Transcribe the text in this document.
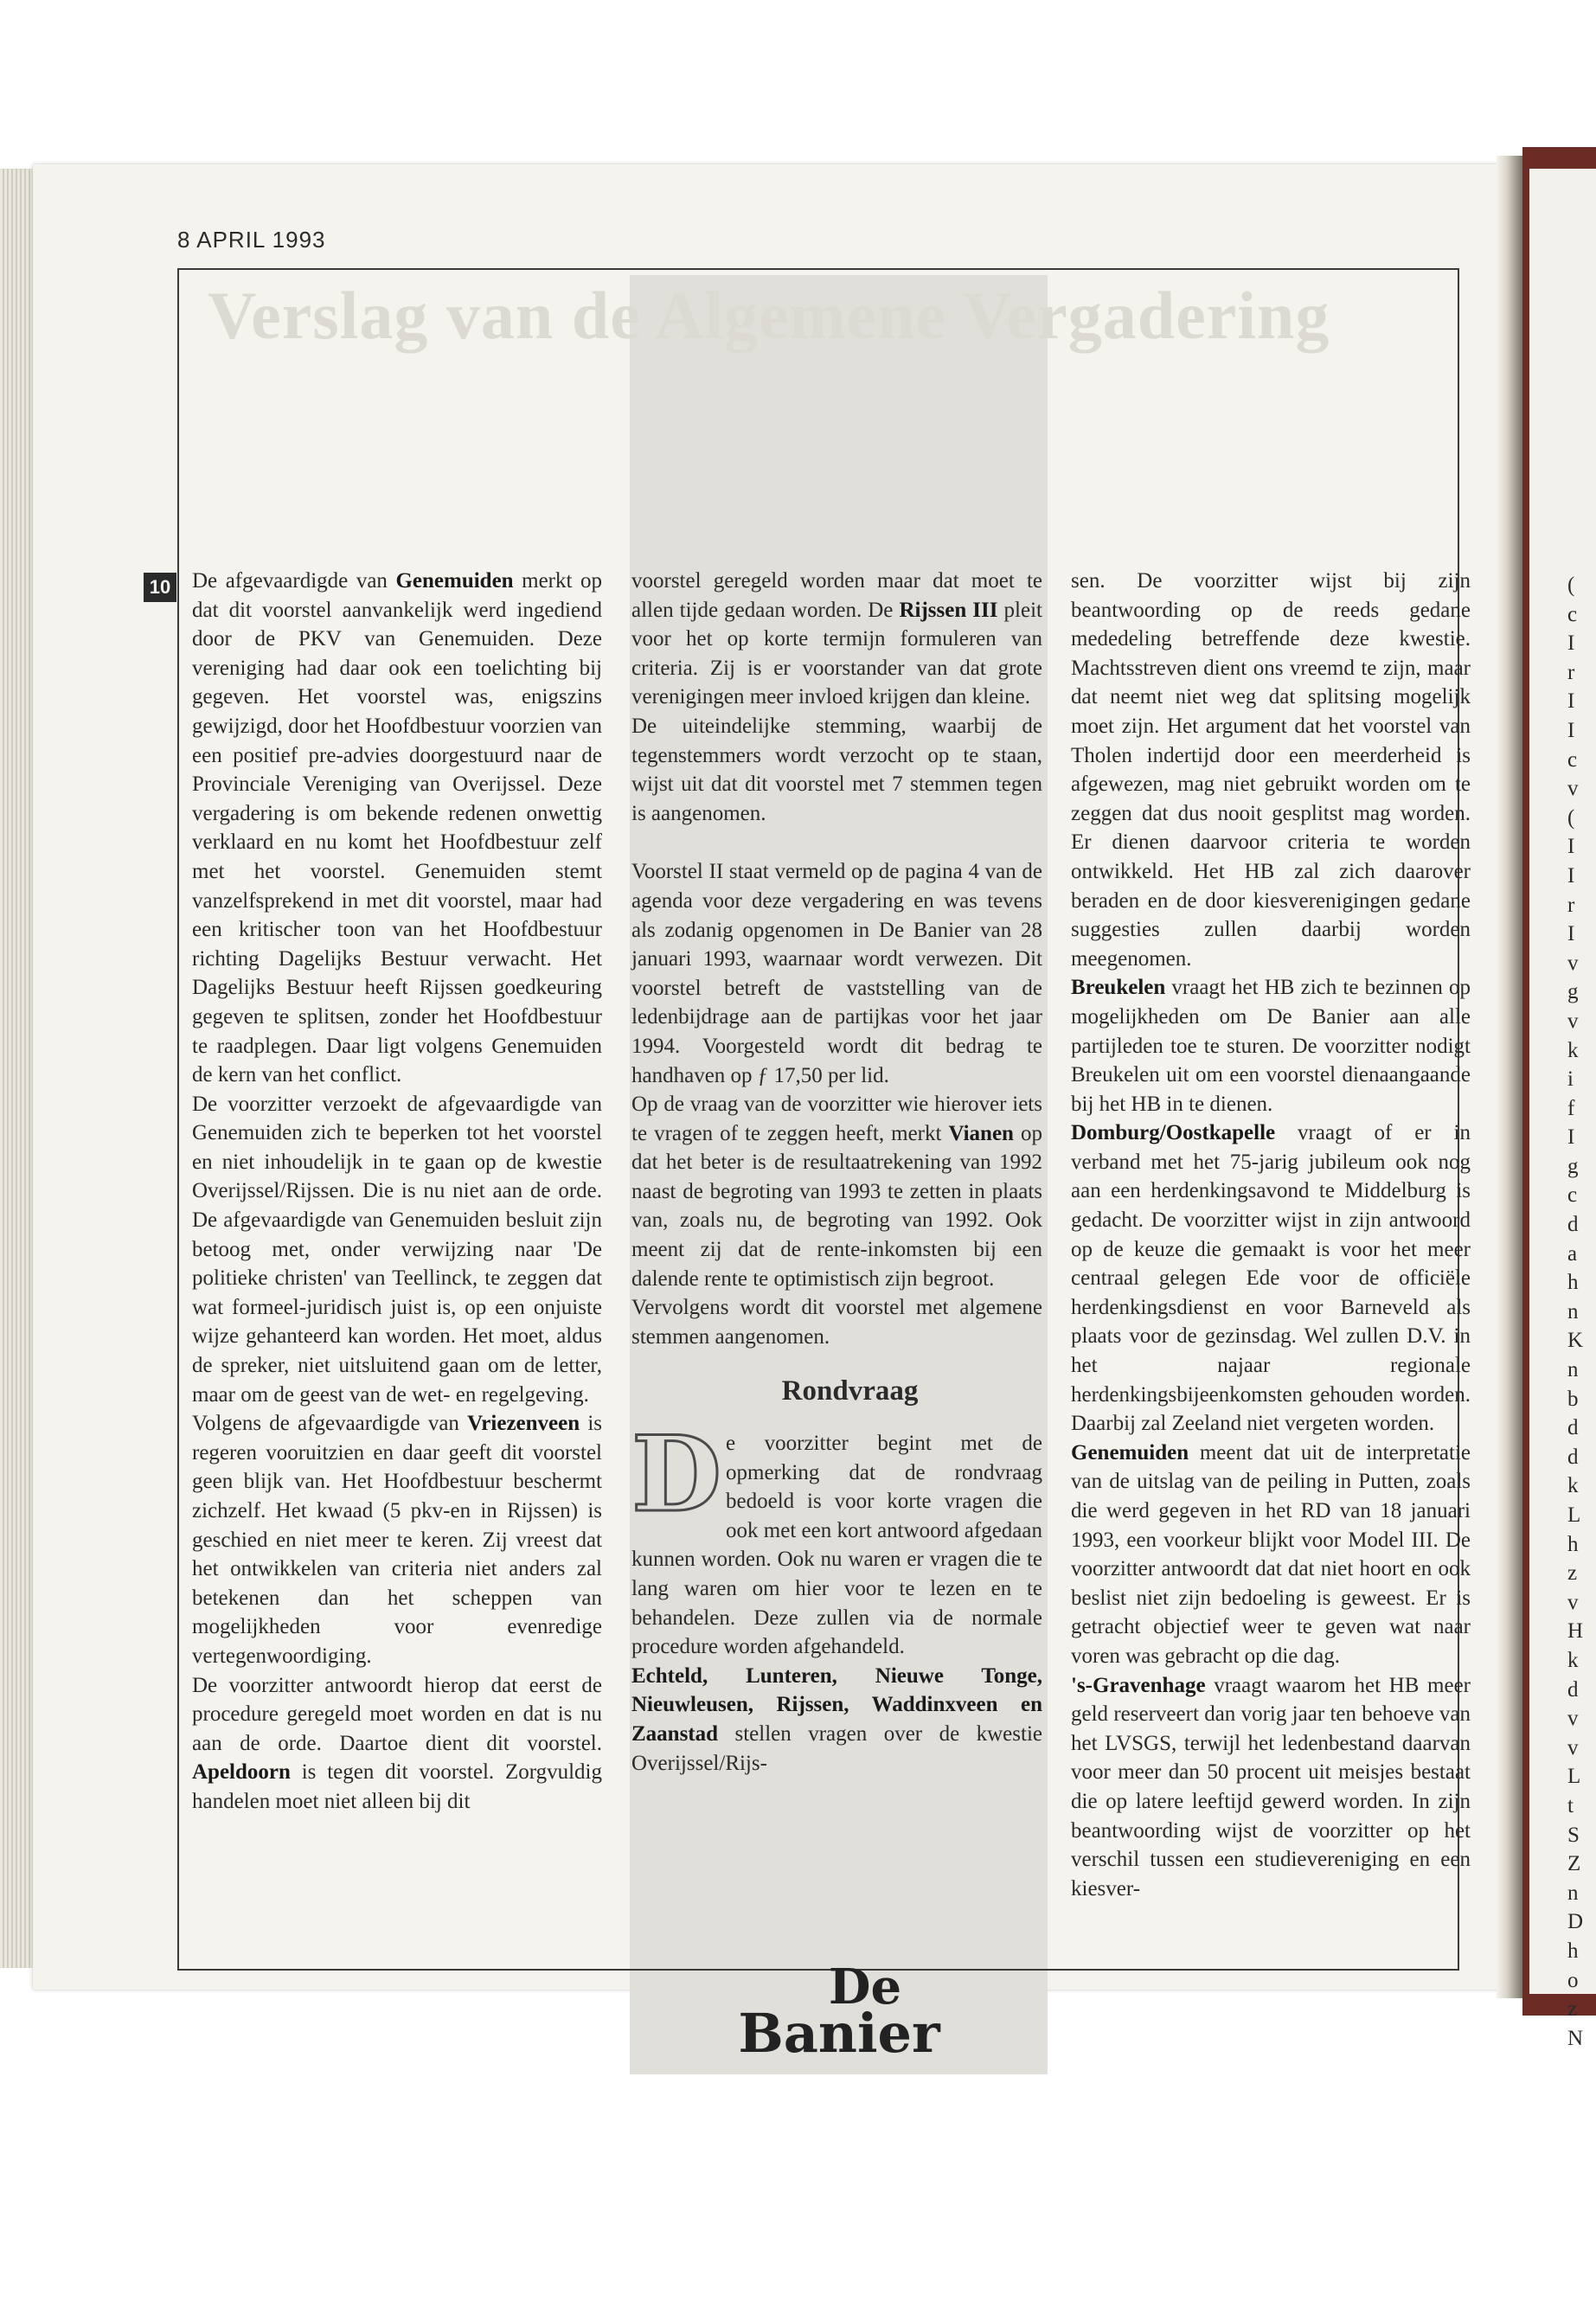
(
c
I
r
I
I
c
v
(
I
I
r
I
v
g
v
k
i
f
I
g
c
d
a
h
n
K
n
b
d
d
k
L
h
z
v
H
k
d
v
v
L
t
S
Z
n
D
h
o
z
N
Verslag van de Algemene Vergadering
8 APRIL 1993
10 De afgevaardigde van Genemuiden merkt op dat dit voorstel aanvankelijk werd ingediend door de PKV van Genemuiden. Deze vereniging had daar ook een toelichting bij gegeven. Het voorstel was, enigszins gewijzigd, door het Hoofdbestuur voorzien van een positief pre-advies doorgestuurd naar de Provinciale Vereniging van Overijssel. Deze vergadering is om bekende redenen onwettig verklaard en nu komt het Hoofdbestuur zelf met het voorstel. Genemuiden stemt vanzelfsprekend in met dit voorstel, maar had een kritischer toon van het Hoofdbestuur richting Dagelijks Bestuur verwacht. Het Dagelijks Bestuur heeft Rijssen goedkeuring gegeven te splitsen, zonder het Hoofdbestuur te raadplegen. Daar ligt volgens Genemuiden de kern van het conflict.

De voorzitter verzoekt de afgevaardigde van Genemuiden zich te beperken tot het voorstel en niet inhoudelijk in te gaan op de kwestie Overijssel/Rijssen. Die is nu niet aan de orde. De afgevaardigde van Genemuiden besluit zijn betoog met, onder verwijzing naar 'De politieke christen' van Teellinck, te zeggen dat wat formeel-juridisch juist is, op een onjuiste wijze gehanteerd kan worden. Het moet, aldus de spreker, niet uitsluitend gaan om de letter, maar om de geest van de wet- en regelgeving.

Volgens de afgevaardigde van Vriezenveen is regeren vooruitzien en daar geeft dit voorstel geen blijk van. Het Hoofdbestuur beschermt zichzelf. Het kwaad (5 pkv-en in Rijssen) is geschied en niet meer te keren. Zij vreest dat het ontwikkelen van criteria niet anders zal betekenen dan het scheppen van mogelijkheden voor evenredige vertegenwoordiging.

De voorzitter antwoordt hierop dat eerst de procedure geregeld moet worden en dat is nu aan de orde. Daartoe dient dit voorstel. Apeldoorn is tegen dit voorstel. Zorgvuldig handelen moet niet alleen bij dit

voorstel geregeld worden maar dat moet te allen tijde gedaan worden. De Rijssen III pleit voor het op korte termijn formuleren van criteria. Zij is er voorstander van dat grote verenigingen meer invloed krijgen dan kleine.

De uiteindelijke stemming, waarbij de tegenstemmers wordt verzocht op te staan, wijst uit dat dit voorstel met 7 stemmen tegen is aangenomen.

Voorstel II staat vermeld op de pagina 4 van de agenda voor deze vergadering en was tevens als zodanig opgenomen in De Banier van 28 januari 1993, waarnaar wordt verwezen. Dit voorstel betreft de vaststelling van de ledenbijdrage aan de partijkas voor het jaar 1994. Voorgesteld wordt dit bedrag te handhaven op ƒ 17,50 per lid.

Op de vraag van de voorzitter wie hierover iets te vragen of te zeggen heeft, merkt Vianen op dat het beter is de resultaatrekening van 1992 naast de begroting van 1993 te zetten in plaats van, zoals nu, de begroting van 1992. Ook meent zij dat de rente-inkomsten bij een dalende rente te optimistisch zijn begroot.

Vervolgens wordt dit voorstel met algemene stemmen aangenomen.

Rondvraag
D e voorzitter begint met de opmerking dat de rondvraag bedoeld is voor korte vragen die ook met een kort antwoord afgedaan kunnen worden. Ook nu waren er vragen die te lang waren om hier voor te lezen en te behandelen. Deze zullen via de normale procedure worden afgehandeld.

Echteld, Lunteren, Nieuwe Tonge, Nieuwleusen, Rijssen, Waddinxveen en Zaanstad stellen vragen over de kwestie Overijssel/Rijs-

sen. De voorzitter wijst bij zijn beantwoording op de reeds gedane mededeling betreffende deze kwestie. Machtsstreven dient ons vreemd te zijn, maar dat neemt niet weg dat splitsing mogelijk moet zijn. Het argument dat het voorstel van Tholen indertijd door een meerderheid is afgewezen, mag niet gebruikt worden om te zeggen dat dus nooit gesplitst mag worden. Er dienen daarvoor criteria te worden ontwikkeld. Het HB zal zich daarover beraden en de door kiesverenigingen gedane suggesties zullen daarbij worden meegenomen.

Breukelen vraagt het HB zich te bezinnen op mogelijkheden om De Banier aan alle partijleden toe te sturen. De voorzitter nodigt Breukelen uit om een voorstel dienaangaande bij het HB in te dienen.

Domburg/Oostkapelle vraagt of er in verband met het 75-jarig jubileum ook nog aan een herdenkingsavond te Middelburg is gedacht. De voorzitter wijst in zijn antwoord op de keuze die gemaakt is voor het meer centraal gelegen Ede voor de officiële herdenkingsdienst en voor Barneveld als plaats voor de gezinsdag. Wel zullen D.V. in het najaar regionale herdenkingsbijeenkomsten gehouden worden. Daarbij zal Zeeland niet vergeten worden.

Genemuiden meent dat uit de interpretatie van de uitslag van de peiling in Putten, zoals die werd gegeven in het RD van 18 januari 1993, een voorkeur blijkt voor Model III. De voorzitter antwoordt dat dat niet hoort en ook beslist niet zijn bedoeling is geweest. Er is getracht objectief weer te geven wat naar voren was gebracht op die dag.

's-Gravenhage vraagt waarom het HB meer geld reserveert dan vorig jaar ten behoeve van het LVSGS, terwijl het ledenbestand daarvan voor meer dan 50 procent uit meisjes bestaat die op latere leeftijd gewerd worden. In zijn beantwoording wijst de voorzitter op het verschil tussen een studievereniging en een kiesver-

De
Banier
